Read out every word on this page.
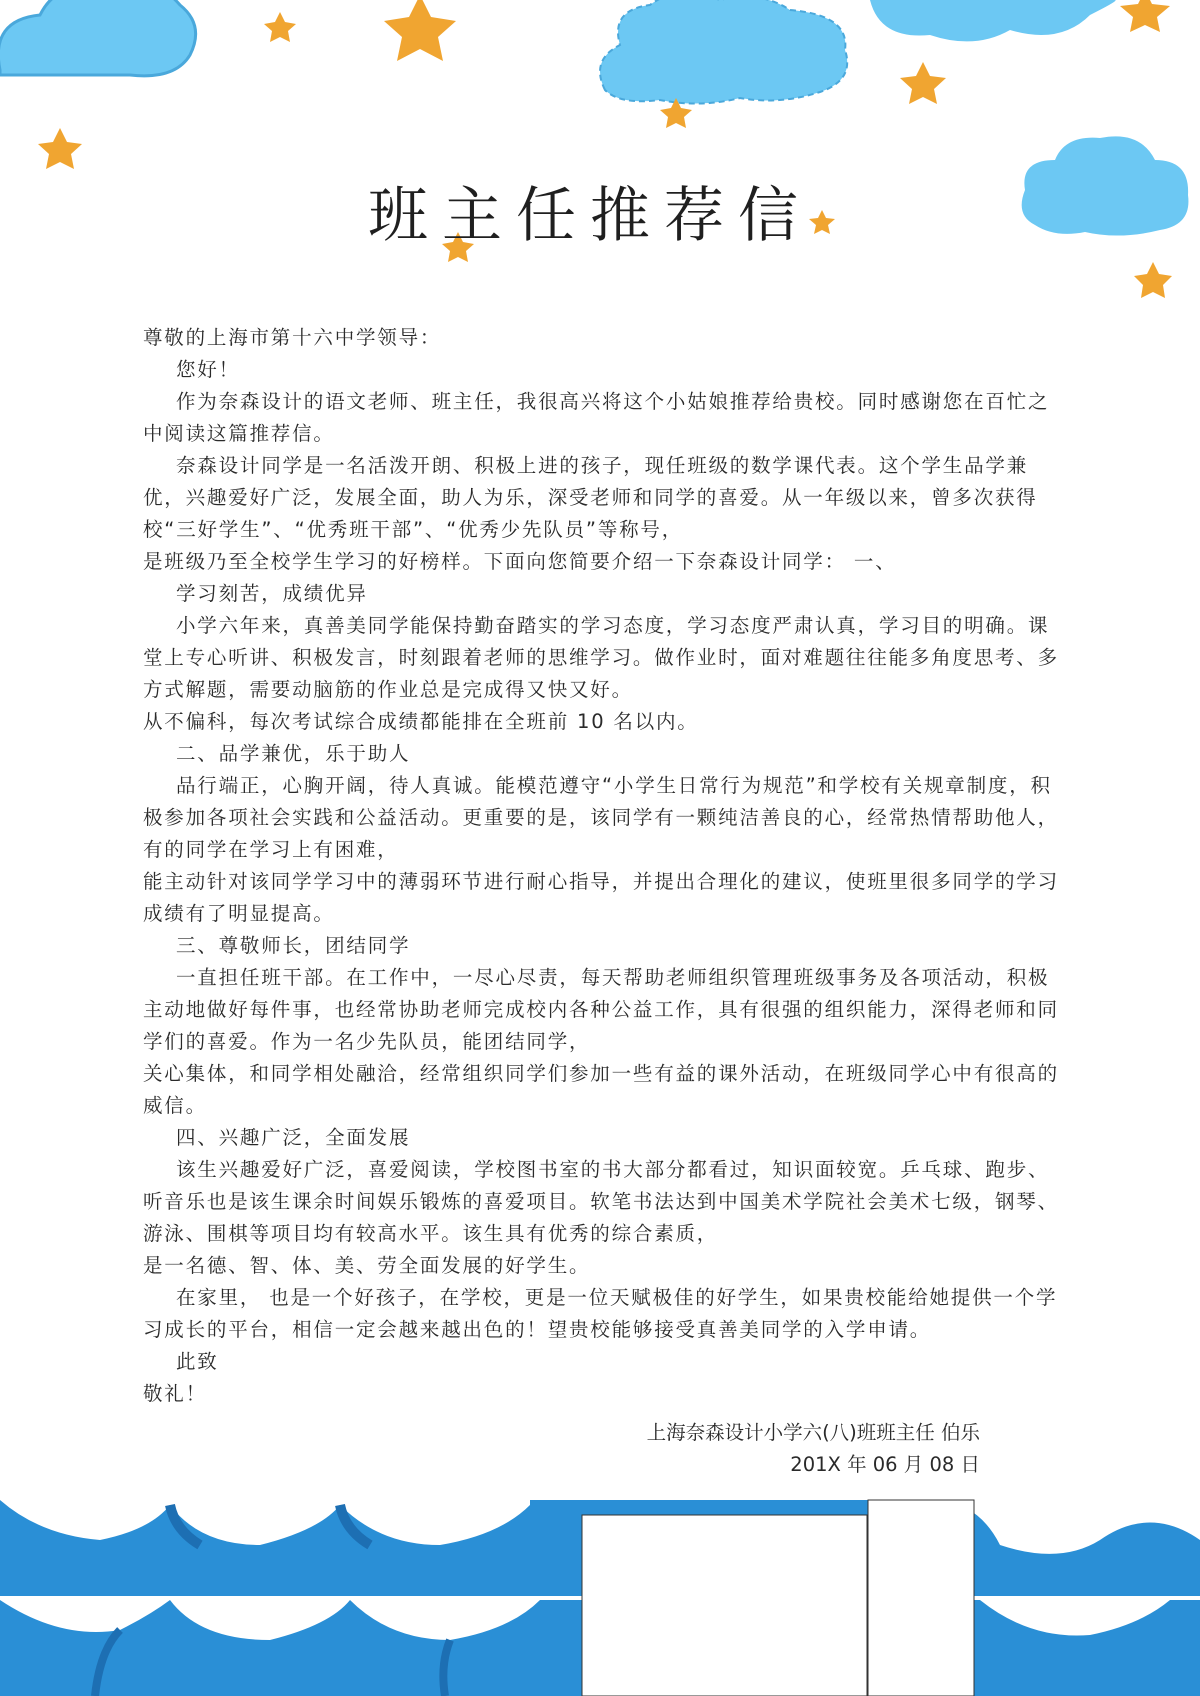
班主任推荐信

尊敬的上海市第十六中学领导：

您好！

作为奈森设计的语文老师、班主任，我很高兴将这个小姑娘推荐给贵校。同时感谢您在百忙之中阅读这篇推荐信。

奈森设计同学是一名活泼开朗、积极上进的孩子，现任班级的数学课代表。这个学生品学兼优，兴趣爱好广泛，发展全面，助人为乐，深受老师和同学的喜爱。从一年级以来，曾多次获得校“三好学生”、“优秀班干部”、“优秀少先队员”等称号，

是班级乃至全校学生学习的好榜样。下面向您简要介绍一下奈森设计同学： 一、

学习刻苦，成绩优异

小学六年来，真善美同学能保持勤奋踏实的学习态度，学习态度严肃认真，学习目的明确。课堂上专心听讲、积极发言，时刻跟着老师的思维学习。做作业时，面对难题往往能多角度思考、多方式解题，需要动脑筋的作业总是完成得又快又好。

从不偏科，每次考试综合成绩都能排在全班前 10 名以内。

二、品学兼优，乐于助人

品行端正，心胸开阔，待人真诚。能模范遵守“小学生日常行为规范”和学校有关规章制度，积极参加各项社会实践和公益活动。更重要的是，该同学有一颗纯洁善良的心，经常热情帮助他人，有的同学在学习上有困难，

能主动针对该同学学习中的薄弱环节进行耐心指导，并提出合理化的建议，使班里很多同学的学习成绩有了明显提高。

三、尊敬师长，团结同学

一直担任班干部。在工作中，一尽心尽责，每天帮助老师组织管理班级事务及各项活动，积极主动地做好每件事，也经常协助老师完成校内各种公益工作，具有很强的组织能力，深得老师和同学们的喜爱。作为一名少先队员，能团结同学，

关心集体，和同学相处融洽，经常组织同学们参加一些有益的课外活动，在班级同学心中有很高的威信。

四、兴趣广泛，全面发展

该生兴趣爱好广泛，喜爱阅读，学校图书室的书大部分都看过，知识面较宽。乒乓球、跑步、听音乐也是该生课余时间娱乐锻炼的喜爱项目。软笔书法达到中国美术学院社会美术七级，钢琴、游泳、围棋等项目均有较高水平。该生具有优秀的综合素质，

是一名德、智、体、美、劳全面发展的好学生。

在家里， 也是一个好孩子，在学校，更是一位天赋极佳的好学生，如果贵校能给她提供一个学习成长的平台，相信一定会越来越出色的！望贵校能够接受真善美同学的入学申请。

此致

敬礼！

上海奈森设计小学六(八)班班主任 伯乐

201X 年 06 月 08 日
